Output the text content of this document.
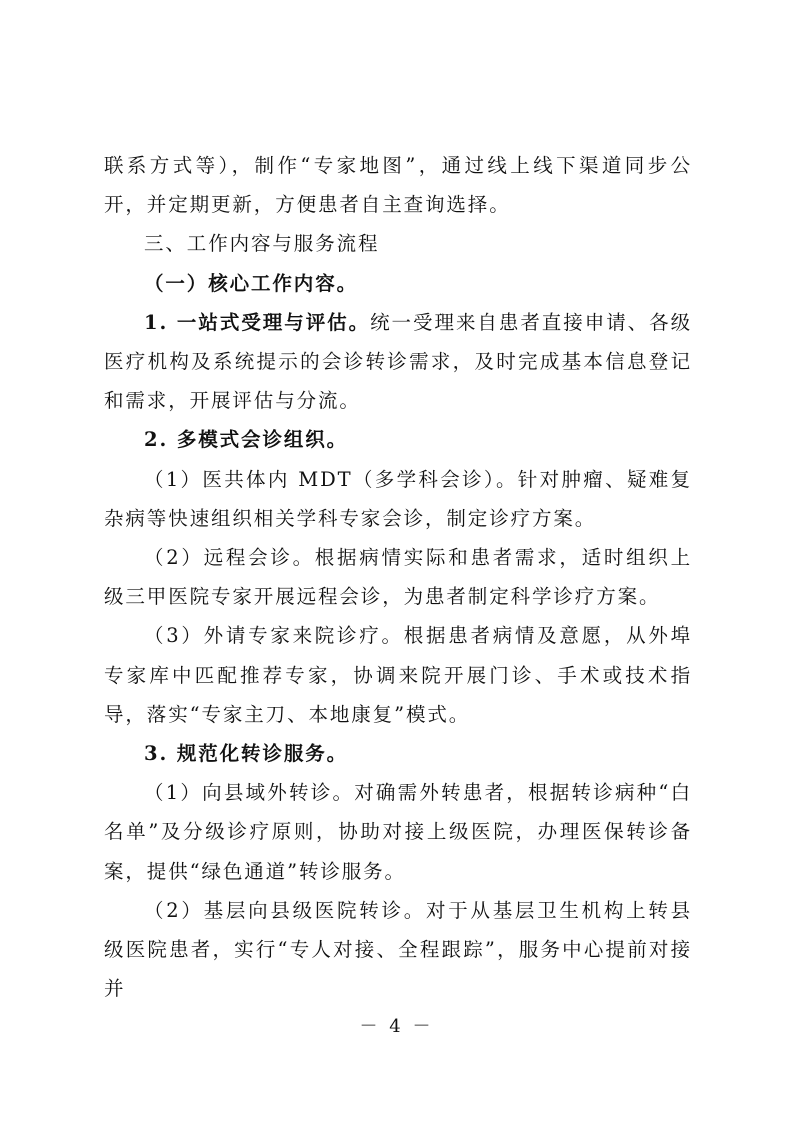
联系方式等），制作“专家地图”，通过线上线下渠道同步公开，并定期更新，方便患者自主查询选择。

三、工作内容与服务流程

（一）核心工作内容。

1. 一站式受理与评估。统一受理来自患者直接申请、各级医疗机构及系统提示的会诊转诊需求，及时完成基本信息登记和需求，开展评估与分流。

2. 多模式会诊组织。

（1）医共体内 MDT（多学科会诊）。针对肿瘤、疑难复杂病等快速组织相关学科专家会诊，制定诊疗方案。

（2）远程会诊。根据病情实际和患者需求，适时组织上级三甲医院专家开展远程会诊，为患者制定科学诊疗方案。

（3）外请专家来院诊疗。根据患者病情及意愿，从外埠专家库中匹配推荐专家，协调来院开展门诊、手术或技术指导，落实“专家主刀、本地康复”模式。

3. 规范化转诊服务。

（1）向县域外转诊。对确需外转患者，根据转诊病种“白名单”及分级诊疗原则，协助对接上级医院，办理医保转诊备案，提供“绿色通道”转诊服务。

（2）基层向县级医院转诊。对于从基层卫生机构上转县级医院患者，实行“专人对接、全程跟踪”，服务中心提前对接并

－ 4 －
